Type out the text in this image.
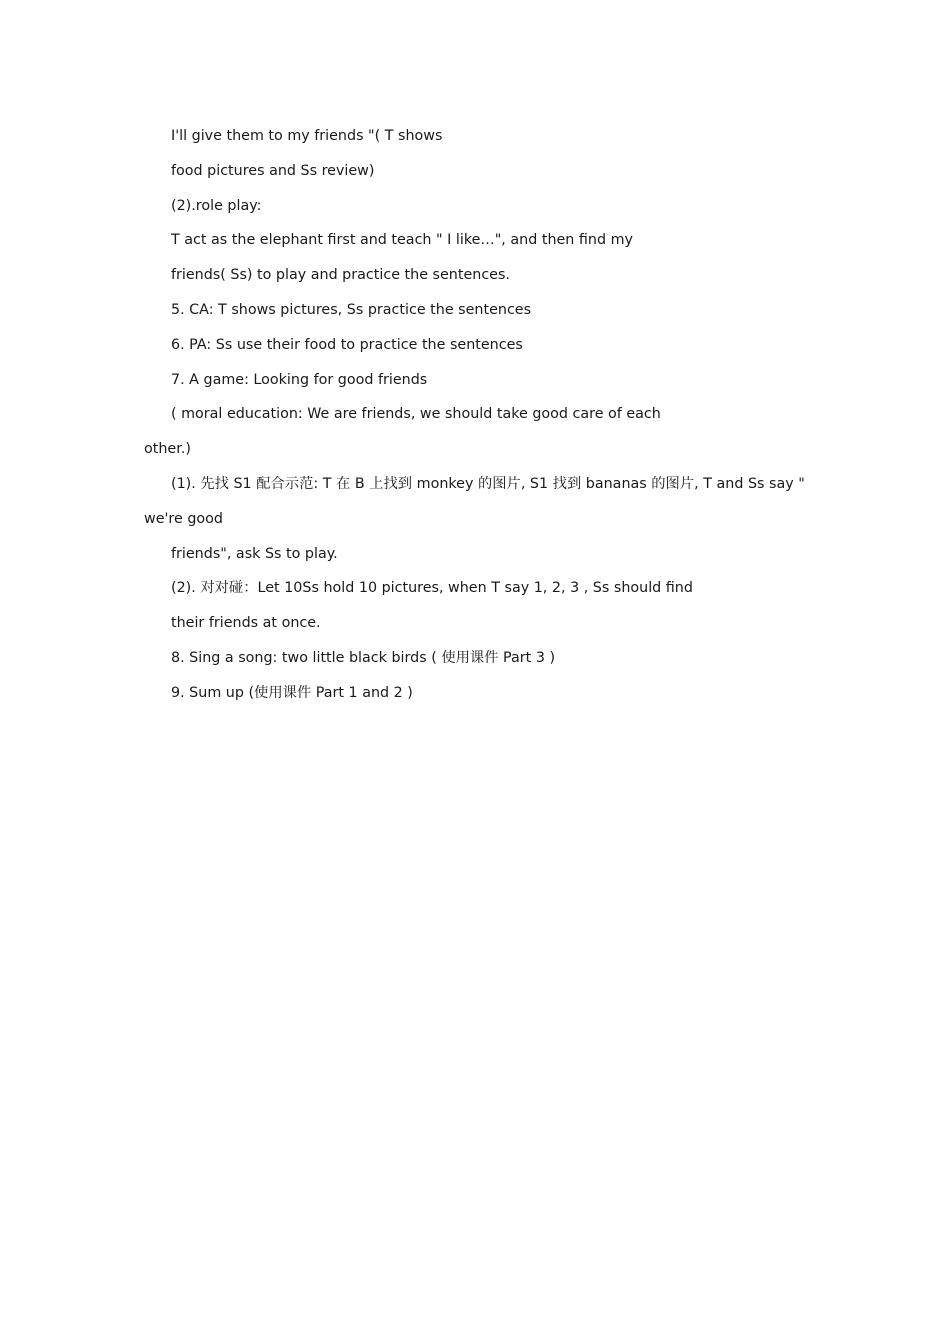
I'll give them to my friends "( T shows
food pictures and Ss review)
(2).role play:
T act as the elephant first and teach " I like…", and then find my
friends( Ss) to play and practice the sentences.
5. CA: T shows pictures, Ss practice the sentences
6. PA: Ss use their food to practice the sentences
7. A game: Looking for good friends
( moral education: We are friends, we should take good care of each
other.)
(1). 先找 S1 配合示范: T 在 B 上找到 monkey 的图片, S1 找到 bananas 的图片, T and Ss say "
we're good
friends", ask Ss to play.
(2). 对对碰：Let 10Ss hold 10 pictures, when T say 1, 2, 3 , Ss should find
their friends at once.
8. Sing a song: two little black birds ( 使用课件 Part 3 )
9. Sum up (使用课件 Part 1 and 2 )
